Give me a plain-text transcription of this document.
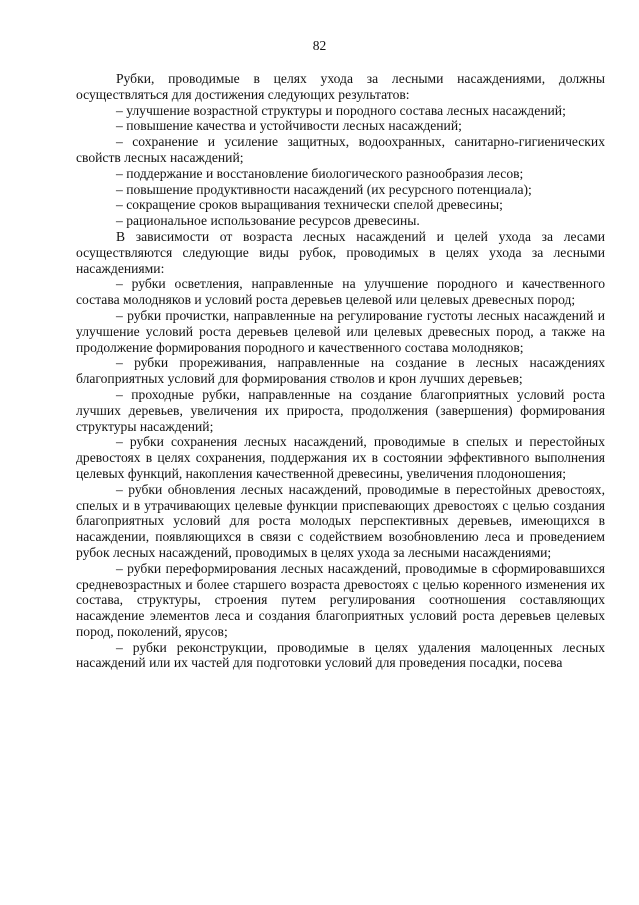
82

Рубки, проводимые в целях ухода за лесными насаждениями, должны осуществляться для достижения следующих результатов:

– улучшение возрастной структуры и породного состава лесных насаждений;

– повышение качества и устойчивости лесных насаждений;

– сохранение и усиление защитных, водоохранных, санитарно-гигиенических свойств лесных насаждений;

– поддержание и восстановление биологического разнообразия лесов;

– повышение продуктивности насаждений (их ресурсного потенциала);

– сокращение сроков выращивания технически спелой древесины;

– рациональное использование ресурсов древесины.

В зависимости от возраста лесных насаждений и целей ухода за лесами осуществляются следующие виды рубок, проводимых в целях ухода за лесными насаждениями:

– рубки осветления, направленные на улучшение породного и качественного состава молодняков и условий роста деревьев целевой или целевых древесных пород;

– рубки прочистки, направленные на регулирование густоты лесных насаждений и улучшение условий роста деревьев целевой или целевых древесных пород, а также на продолжение формирования породного и качественного состава молодняков;

– рубки прореживания, направленные на создание в лесных насаждениях благоприятных условий для формирования стволов и крон лучших деревьев;

– проходные рубки, направленные на создание благоприятных условий роста лучших деревьев, увеличения их прироста, продолжения (завершения) формирования структуры насаждений;

– рубки сохранения лесных насаждений, проводимые в спелых и перестойных древостоях в целях сохранения, поддержания их в состоянии эффективного выполнения целевых функций, накопления качественной древесины, увеличения плодоношения;

– рубки обновления лесных насаждений, проводимые в перестойных древостоях, спелых и в утрачивающих целевые функции приспевающих древостоях с целью создания благоприятных условий для роста молодых перспективных деревьев, имеющихся в насаждении, появляющихся в связи с содействием возобновлению леса и проведением рубок лесных насаждений, проводимых в целях ухода за лесными насаждениями;

– рубки переформирования лесных насаждений, проводимые в сформировавшихся средневозрастных и более старшего возраста древостоях с целью коренного изменения их состава, структуры, строения путем регулирования соотношения составляющих насаждение элементов леса и создания благоприятных условий роста деревьев целевых пород, поколений, ярусов;

– рубки реконструкции, проводимые в целях удаления малоценных лесных насаждений или их частей для подготовки условий для проведения посадки, посева
